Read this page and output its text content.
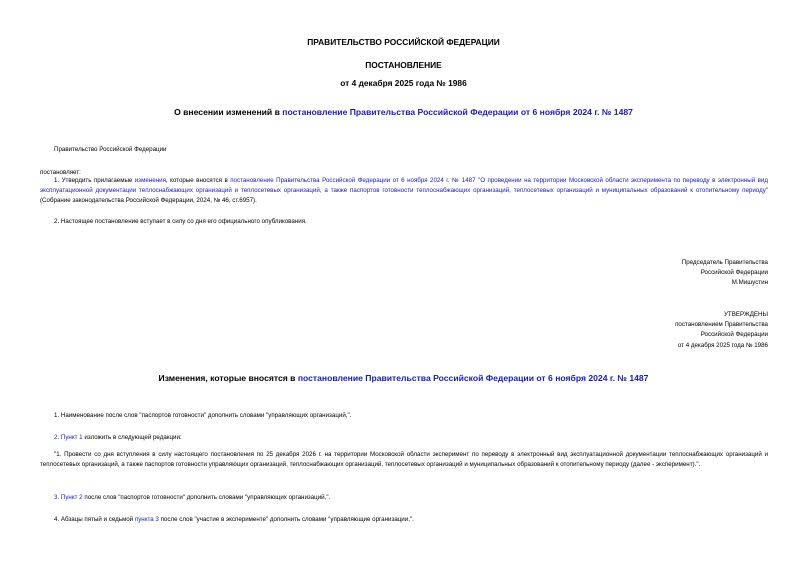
ПРАВИТЕЛЬСТВО РОССИЙСКОЙ ФЕДЕРАЦИИ
ПОСТАНОВЛЕНИЕ
от 4 декабря 2025 года № 1986
О внесении изменений в постановление Правительства Российской Федерации от 6 ноября 2024 г. № 1487
Правительство Российской Федерации
постановляет:
1. Утвердить прилагаемые изменения, которые вносятся в постановление Правительства Российской Федерации от 6 ноября 2024 г. № 1487 "О проведении на территории Московской области эксперимента по переводу в электронный вид эксплуатационной документации теплоснабжающих организаций и теплосетевых организаций, а также паспортов готовности теплоснабжающих организаций, теплосетевых организаций и муниципальных образований к отопительному периоду" (Собрание законодательства Российской Федерации, 2024, № 46, ст.6957).
2. Настоящее постановление вступает в силу со дня его официального опубликования.
Председатель Правительства
Российской Федерации
М.Мишустин
УТВЕРЖДЕНЫ
постановлением Правительства
Российской Федерации
от 4 декабря 2025 года № 1986
Изменения, которые вносятся в постановление Правительства Российской Федерации от 6 ноября 2024 г. № 1487
1. Наименование после слов "паспортов готовности" дополнить словами "управляющих организаций,".
2. Пункт 1 изложить в следующей редакции:
"1. Провести со дня вступления в силу настоящего постановления по 25 декабря 2026 г. на территории Московской области эксперимент по переводу в электронный вид эксплуатационной документации теплоснабжающих организаций и теплосетевых организаций, а также паспортов готовности управляющих организаций, теплоснабжающих организаций, теплосетевых организаций и муниципальных образований к отопительному периоду (далее - эксперимент).".
3. Пункт 2 после слов "паспортов готовности" дополнить словами "управляющих организаций,".
4. Абзацы пятый и седьмой пункта 3 после слов "участие в эксперименте" дополнить словами "управляющие организации,".
